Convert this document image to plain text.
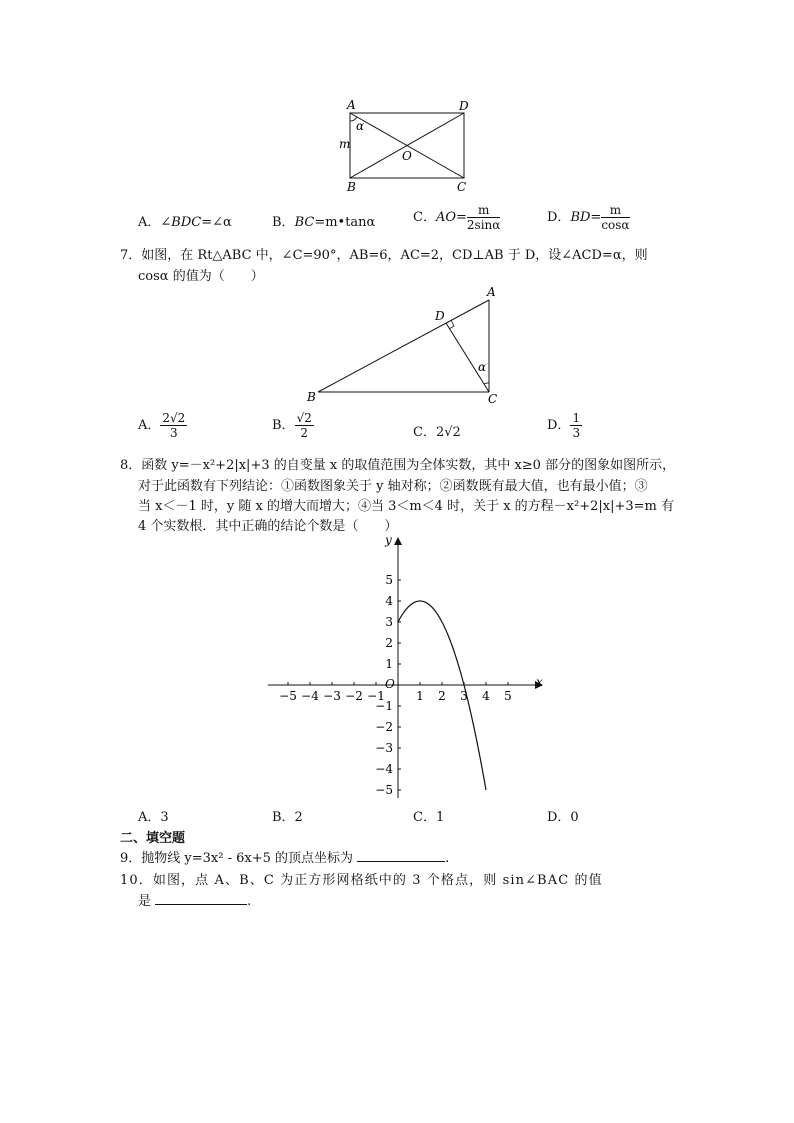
A	D
B	C
O
m
α
A．∠BDC=∠α	B．BC=m•tanα	C．$AO= \frac{m}{2\sin\alpha}$	D．$BD= \frac{m}{\cos\alpha}$
7．如图，在 Rt△ABC 中，∠C=90°，AB=6，AC=2，CD⊥AB 于 D，设∠ACD=α，则
cosα 的值为（　　）
A
B	C
D
α
A． $\frac{2√2}{3}$	B． $\frac{√2}{2}$	C．2√2	D． $\frac{1}{3}$
8．函数 y=－x²+2|x|+3 的自变量 x 的取值范围为全体实数，其中 x≥0 部分的图象如图所示，
对于此函数有下列结论：①函数图象关于 y 轴对称；②函数既有最大值，也有最小值；③
当 x＜－1 时，y 随 x 的增大而增大；④当 3＜m＜4 时，关于 x 的方程－x²+2|x|+3=m 有
4 个实数根．其中正确的结论个数是（　　）
x
y
O
−5 −4 −3 −2 −1	1 2 3 4 5
5
4
3
2
1
−1
−2
−3
−4
−5
A．3	B．2	C．1	D．0
二、填空题
9．抛物线 y=3x² - 6x+5 的顶点坐标为	.
10．如图，点 A、B、C 为正方形网格纸中的 3 个格点，则 sin∠BAC 的值
是	.
